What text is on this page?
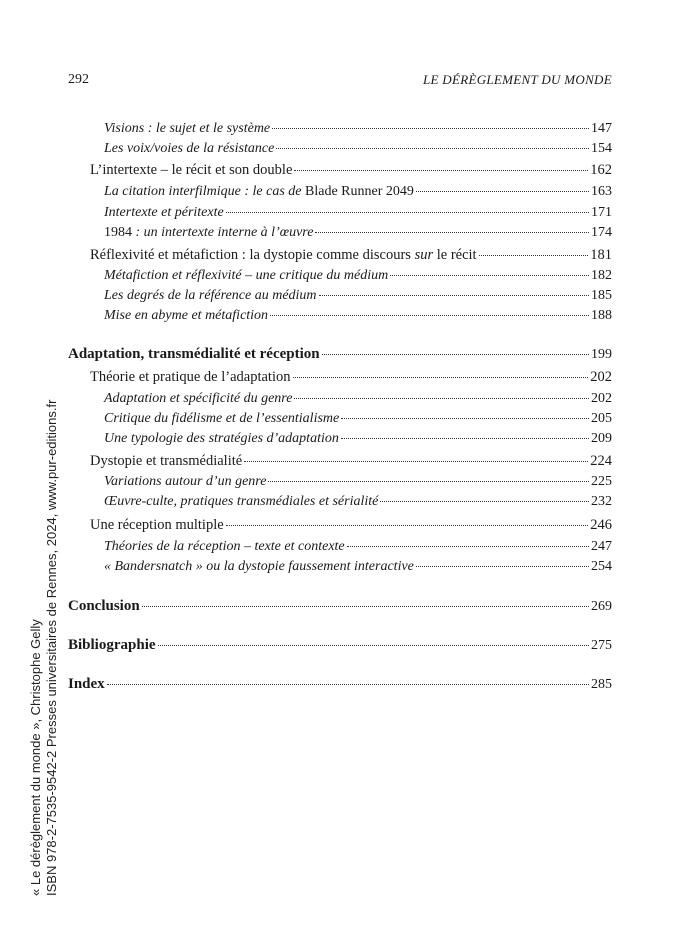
292	LE DÉRÈGLEMENT DU MONDE
Visions : le sujet et le système	147
Les voix/voies de la résistance	154
L’intertexte – le récit et son double	162
La citation interfilmique : le cas de Blade Runner 2049	163
Intertexte et péritexte	171
1984 : un intertexte interne à l’œuvre	174
Réflexivité et métafiction : la dystopie comme discours sur le récit	181
Métafiction et réflexivité – une critique du médium	182
Les degrés de la référence au médium	185
Mise en abyme et métafiction	188
Adaptation, transmédialité et réception	199
Théorie et pratique de l’adaptation	202
Adaptation et spécificité du genre	202
Critique du fidélisme et de l’essentialisme	205
Une typologie des stratégies d’adaptation	209
Dystopie et transmédialité	224
Variations autour d’un genre	225
Œuvre-culte, pratiques transmédiales et sérialité	232
Une réception multiple	246
Théories de la réception – texte et contexte	247
« Bandersnatch » ou la dystopie faussement interactive	254
Conclusion	269
Bibliographie	275
Index	285
« Le dérèglement du monde », Christophe Gelly ISBN 978-2-7535-9542-2 Presses universitaires de Rennes, 2024, www.pur-editions.fr
